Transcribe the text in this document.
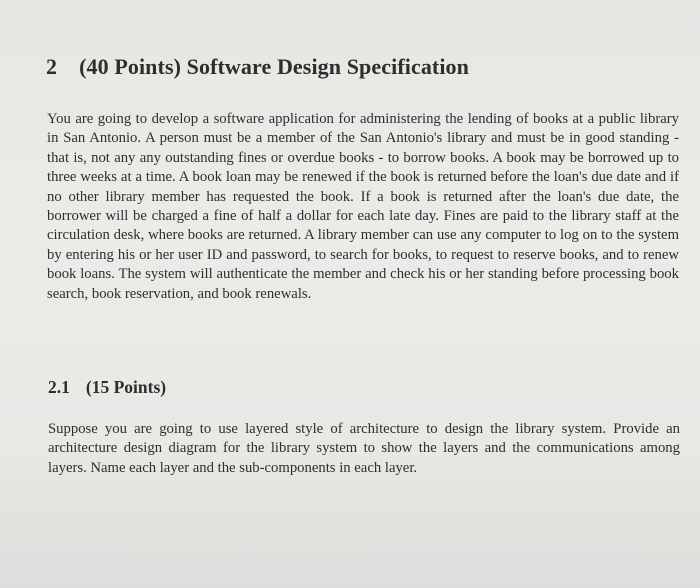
2 (40 Points) Software Design Specification
You are going to develop a software application for administering the lending of books at a public library in San Antonio. A person must be a member of the San Antonio's library and must be in good standing - that is, not any any outstanding fines or overdue books - to borrow books. A book may be borrowed up to three weeks at a time. A book loan may be renewed if the book is returned before the loan's due date and if no other library member has requested the book. If a book is returned after the loan's due date, the borrower will be charged a fine of half a dollar for each late day. Fines are paid to the library staff at the circulation desk, where books are returned. A library member can use any computer to log on to the system by entering his or her user ID and password, to search for books, to request to reserve books, and to renew book loans. The system will authenticate the member and check his or her standing before processing book search, book reservation, and book renewals.
2.1 (15 Points)
Suppose you are going to use layered style of architecture to design the library system. Provide an architecture design diagram for the library system to show the layers and the communications among layers. Name each layer and the sub-components in each layer.
